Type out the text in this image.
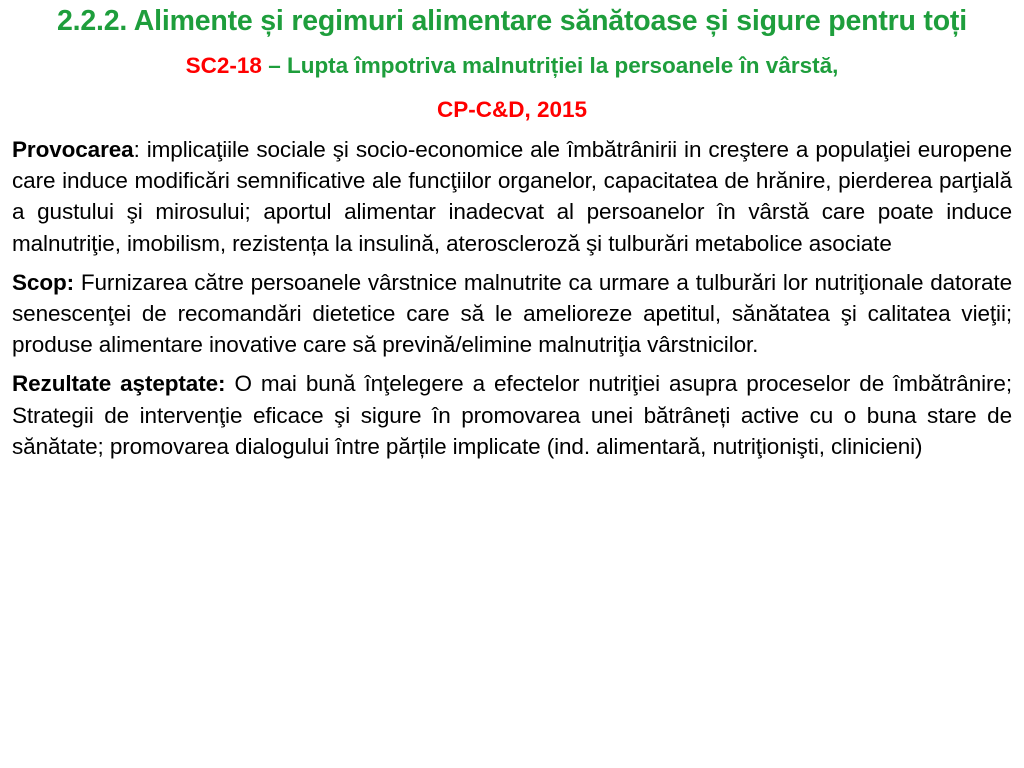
2.2.2. Alimente și regimuri alimentare sănătoase și sigure pentru toți

SC2-18 – Lupta împotriva malnutriției la persoanele în vârstă,

CP-C&D, 2015

Provocarea: implicaţiile sociale şi socio-economice ale îmbătrânirii in creştere a populaţiei europene care induce modificări semnificative ale funcţiilor organelor, capacitatea de hrănire, pierderea parţială a gustului şi mirosului; aportul alimentar inadecvat al persoanelor în vârstă care poate induce malnutriţie, imobilism, rezistența la insulină, ateroscleroză şi tulburări metabolice asociate

Scop: Furnizarea către persoanele vârstnice malnutrite ca urmare a tulburări lor nutriţionale datorate senescenţei de recomandări dietetice care să le amelioreze apetitul, sănătatea şi calitatea vieţii; produse alimentare inovative care să prevină/elimine malnutriţia vârstnicilor.

Rezultate aşteptate: O mai bună înţelegere a efectelor nutriţiei asupra proceselor de îmbătrânire; Strategii de intervenţie eficace şi sigure în promovarea unei bătrâneți active cu o buna stare de sănătate; promovarea dialogului între părțile implicate (ind. alimentară, nutriţionişti, clinicieni)
